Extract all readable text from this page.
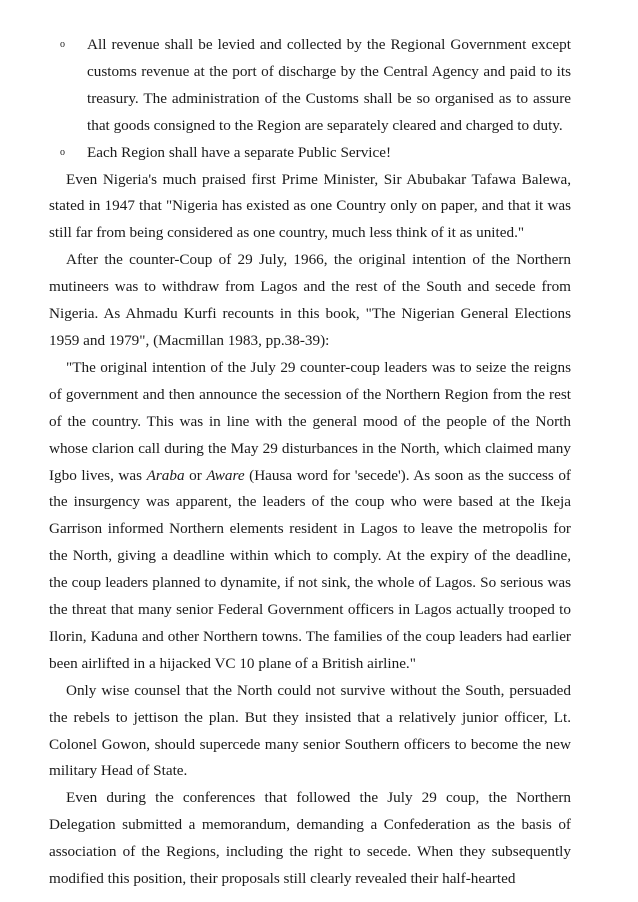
o All revenue shall be levied and collected by the Regional Government except customs revenue at the port of discharge by the Central Agency and paid to its treasury. The administration of the Customs shall be so organised as to assure that goods consigned to the Region are separately cleared and charged to duty.
o Each Region shall have a separate Public Service!

Even Nigeria's much praised first Prime Minister, Sir Abubakar Tafawa Balewa, stated in 1947 that "Nigeria has existed as one Country only on paper, and that it was still far from being considered as one country, much less think of it as united."

After the counter-Coup of 29 July, 1966, the original intention of the Northern mutineers was to withdraw from Lagos and the rest of the South and secede from Nigeria. As Ahmadu Kurfi recounts in this book, "The Nigerian General Elections 1959 and 1979", (Macmillan 1983, pp.38-39):

"The original intention of the July 29 counter-coup leaders was to seize the reigns of government and then announce the secession of the Northern Region from the rest of the country. This was in line with the general mood of the people of the North whose clarion call during the May 29 disturbances in the North, which claimed many Igbo lives, was Araba or Aware (Hausa word for 'secede'). As soon as the success of the insurgency was apparent, the leaders of the coup who were based at the Ikeja Garrison informed Northern elements resident in Lagos to leave the metropolis for the North, giving a deadline within which to comply. At the expiry of the deadline, the coup leaders planned to dynamite, if not sink, the whole of Lagos. So serious was the threat that many senior Federal Government officers in Lagos actually trooped to Ilorin, Kaduna and other Northern towns. The families of the coup leaders had earlier been airlifted in a hijacked VC 10 plane of a British airline."

Only wise counsel that the North could not survive without the South, persuaded the rebels to jettison the plan. But they insisted that a relatively junior officer, Lt. Colonel Gowon, should supercede many senior Southern officers to become the new military Head of State.

Even during the conferences that followed the July 29 coup, the Northern Delegation submitted a memorandum, demanding a Confederation as the basis of association of the Regions, including the right to secede. When they subsequently modified this position, their proposals still clearly revealed their half-hearted
